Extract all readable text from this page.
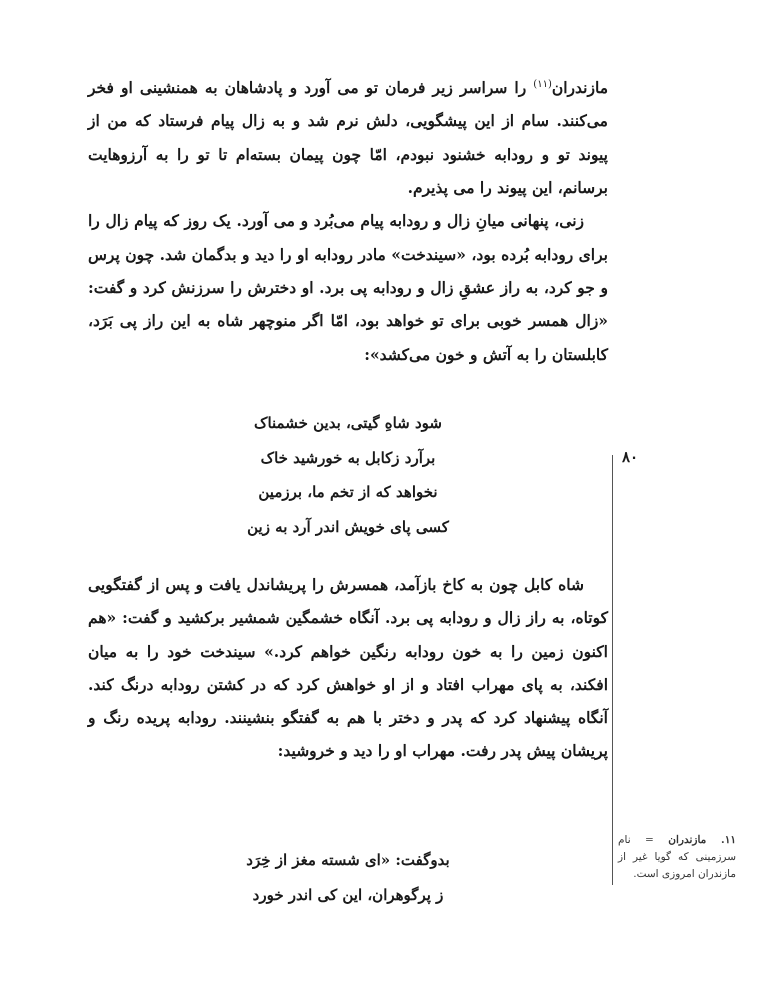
مازندران$^{(۱۱)}$ را سراسر زیر فرمان تو می آورد و پادشاهان به همنشینی او فخر می‌کنند. سام از این پیشگویی، دلش نرم شد و به زال پیام فرستاد که من از پیوند تو و رودابه خشنود نبودم، امّا چون پیمان بسته‌ام تا تو را به آرزوهایت برسانم، این پیوند را می پذیرم.

زنی، پنهانی میانِ زال و رودابه پیام می‌بُرد و می آورد. یک روز که پیام زال را برای رودابه بُرده بود، «سیندخت» مادر رودابه او را دید و بدگمان شد. چون پرس و جو کرد، به راز عشقِ زال و رودابه پی برد. او دخترش را سرزنش کرد و گفت: «زال همسر خوبی برای تو خواهد بود، امّا اگر منوچهر شاه به این راز پی بَرَد، کابلستان را به آتش و خون می‌کشد»:

شود شاهِ گیتی، بدین خشمناک

برآرد زکابل به خورشید خاک

نخواهد که از تخم ما، برزمین

کسی پای خویش اندر آرد به زین

شاه کابل چون به کاخ بازآمد، همسرش را پریشاندل یافت و پس از گفتگویی کوتاه، به راز زال و رودابه پی برد. آنگاه خشمگین شمشیر برکشید و گفت: «هم اکنون زمین را به خون رودابه رنگین خواهم کرد.» سیندخت خود را به میان افکند، به پای مهراب افتاد و از او خواهش کرد که در کشتن رودابه درنگ کند. آنگاه پیشنهاد کرد که پدر و دختر با هم به گفتگو بنشینند. رودابه پریده رنگ و پریشان پیش پدر رفت. مهراب او را دید و خروشید:

بدوگفت: «ای شسته مغز از خِرَد

ز پرگوهران، این کی اندر خورد

۸۰
۱۱. مازندران = نام سرزمینی که گویا غیر از مازندران امروزی است.
